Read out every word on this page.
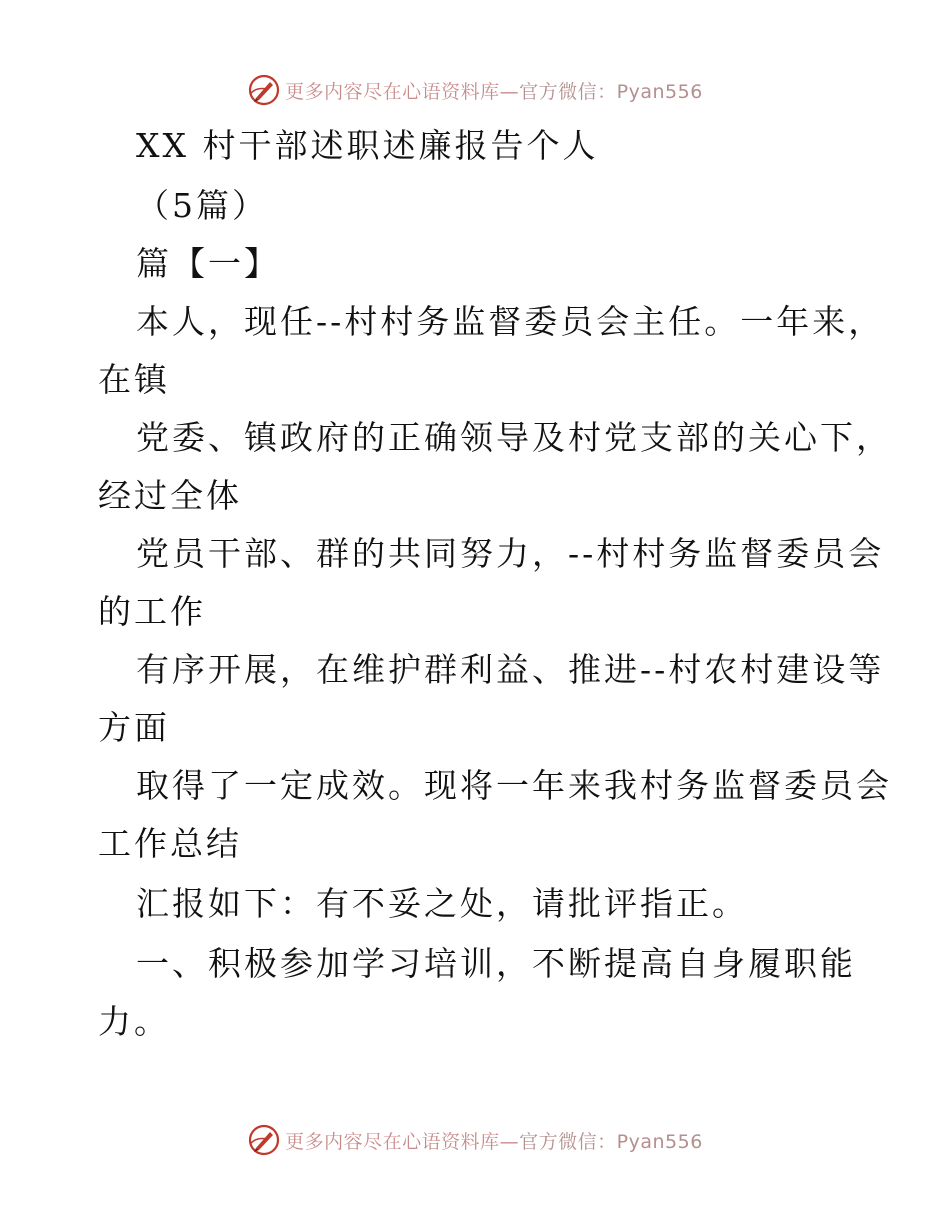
更多内容尽在心语资料库— 官方微信：Pyan556
XX 村干部述职述廉报告个人
（5篇）
篇【一】
本人，现任--村村务监督委员会主任。一年来，
在镇
党委、镇政府的正确领导及村党支部的关心下，
经过全体
党员干部、群的共同努力，--村村务监督委员会
的工作
有序开展，在维护群利益、推进--村农村建设等
方面
取得了一定成效。现将一年来我村务监督委员会
工作总结
汇报如下：有不妥之处，请批评指正。
一、积极参加学习培训，不断提高自身履职能
力。
更多内容尽在心语资料库— 官方微信：Pyan556
